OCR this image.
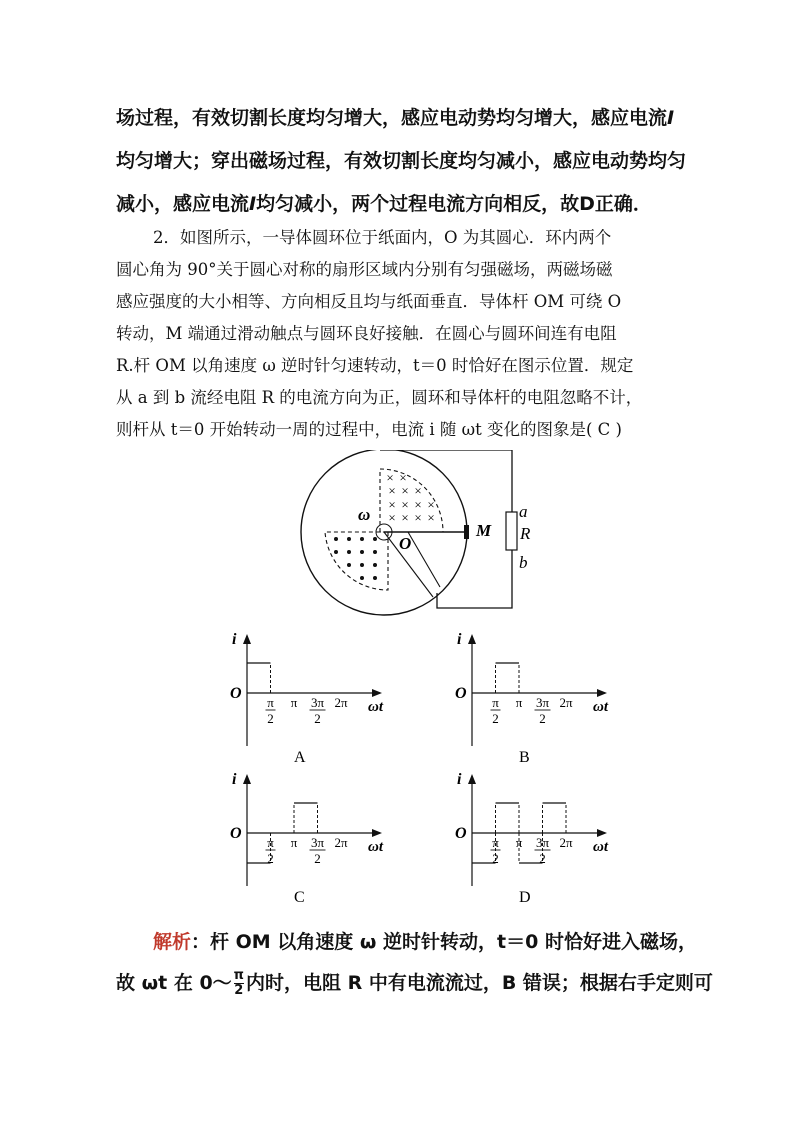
场过程，有效切割长度均匀增大，感应电动势均匀增大，感应电流I
均匀增大；穿出磁场过程，有效切割长度均匀减小，感应电动势均匀
减小，感应电流I均匀减小，两个过程电流方向相反，故D正确．
2．如图所示，一导体圆环位于纸面内，O 为其圆心．环内两个
圆心角为 90°关于圆心对称的扇形区域内分别有匀强磁场，两磁场磁
感应强度的大小相等、方向相反且均与纸面垂直．导体杆 OM 可绕 O
转动，M 端通过滑动触点与圆环良好接触．在圆心与圆环间连有电阻
R.杆 OM 以角速度 ω 逆时针匀速转动，t＝0 时恰好在图示位置．规定
从 a 到 b 流经电阻 R 的电流方向为正，圆环和导体杆的电阻忽略不计，
则杆从 t＝0 开始转动一周的过程中，电流 i 随 ωt 变化的图象是( C )
× ×
× × ×
× × × ×
× × × ×
ω
O
M
a
R
b
i
O
ωt
π
2
π 3π
2
2π
A
i
O
ωt
π
2
π 3π
2
2π
B
i
O
ωt
π
2
π 3π
2
2π
C
i
O
ωt
π
2
π 3π
2
2π
D
解析：杆 OM 以角速度 ω 逆时针转动，t＝0 时恰好进入磁场，
故 ωt 在 0～ $\frac{\pi}{2}$ 内时，电阻 R 中有电流流过，B 错误；根据右手定则可
